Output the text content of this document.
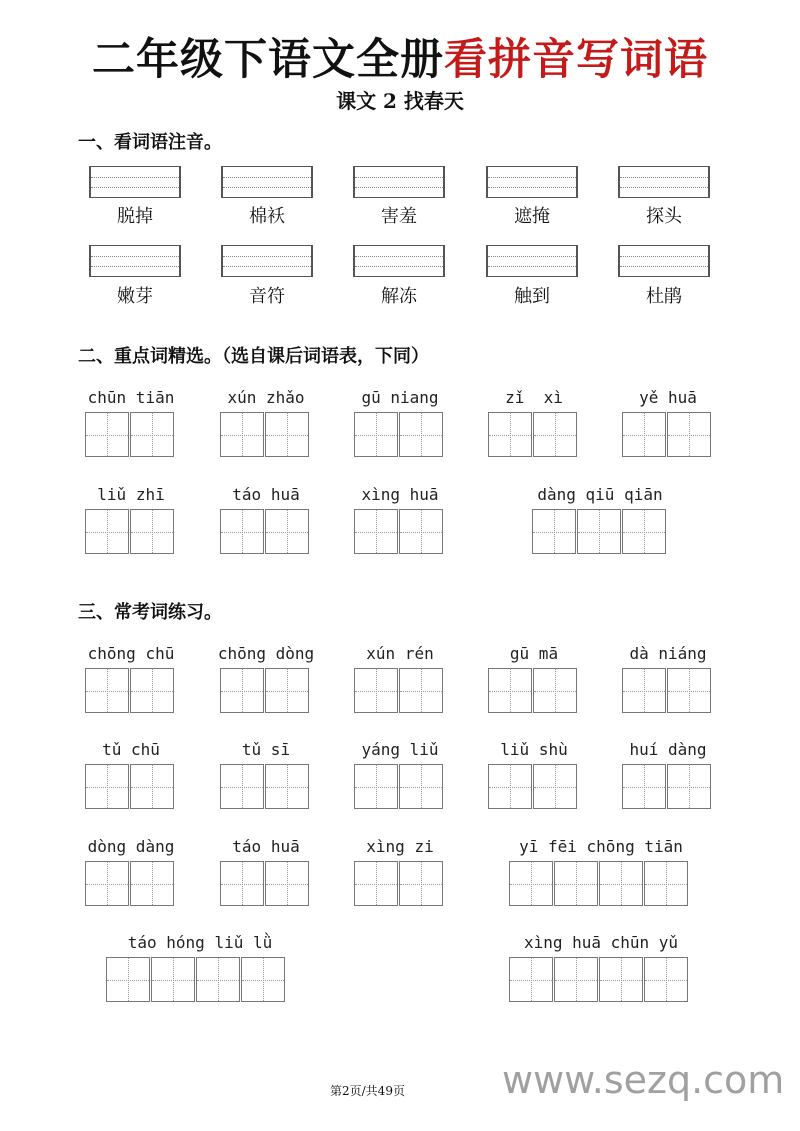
二年级下语文全册看拼音写词语
课文 2 找春天
一、看词语注音。
脱掉	棉袄	害羞	遮掩	探头
嫩芽	音符	解冻	触到	杜鹃
二、重点词精选。（选自课后词语表，下同）
chūn tiān	xún zhǎo	gū niang	zǐ  xì	yě huā
liǔ zhī	táo huā	xìng huā	dàng qiū qiān
三、常考词练习。
chōng chū	chōng dòng	xún rén	gū mā	dà niáng
tǔ chū	tǔ sī	yáng liǔ	liǔ shù	huí dàng
dòng dàng	táo huā	xìng zi	yī fēi chōng tiān
táo hóng liǔ lǜ	xìng huā chūn yǔ
第2页/共49页	www.sezq.com
